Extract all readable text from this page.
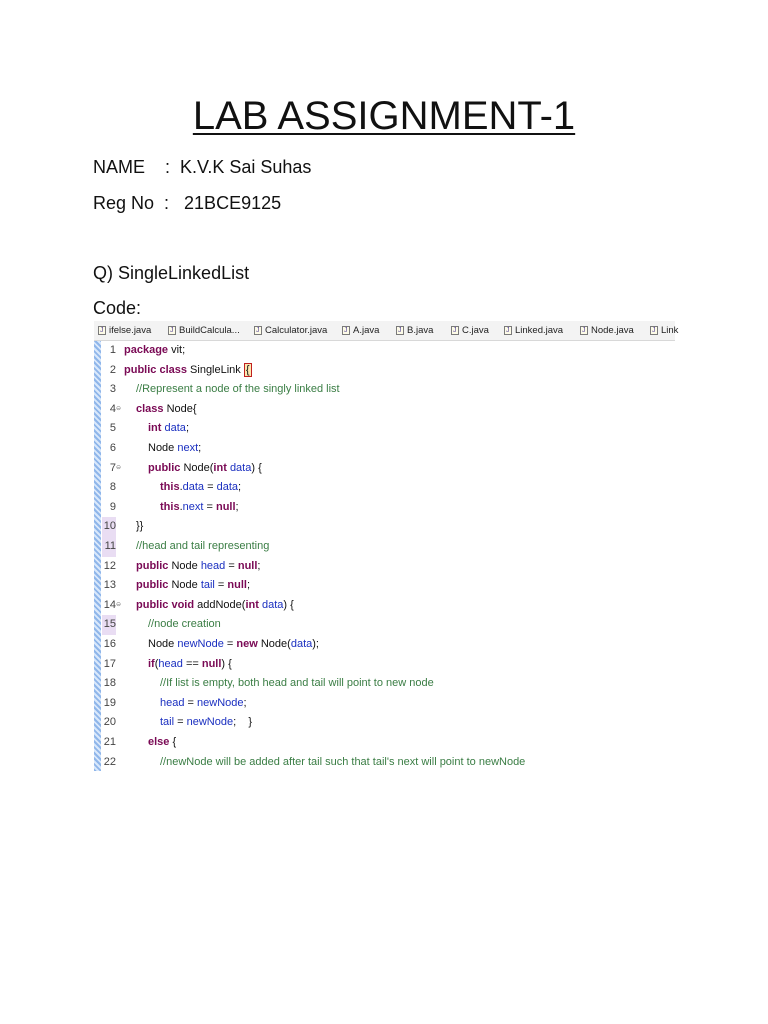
LAB ASSIGNMENT-1
NAME    :  K.V.K Sai Suhas
Reg No  :   21BCE9125
Q) SingleLinkedList
Code:
J
ifelse.java J	BuildCalcula... J	Calculator.java J	A.java J	B.java J	C.java J	Linked.java J	Node.java J	Link
1 package vit;
2 public class SingleLink {
3 //Represent a node of the singly linked list
4 ⊖ class Node{
5	int data;
6	Node next;
7 ⊖ public Node(int data) {
8	this.data = data;
9	this.next = null;
10 }}
11 //head and tail representing
12 public Node head = null;
13 public Node tail = null;
14 ⊖ public void addNode(int data) {
15	//node creation
16	Node newNode = new Node(data);
17	if(head == null) {
18	//If list is empty, both head and tail will point to new node
19	head = newNode;
20	tail = newNode;    }
21	else {
22	//newNode will be added after tail such that tail's next will point to newNode
